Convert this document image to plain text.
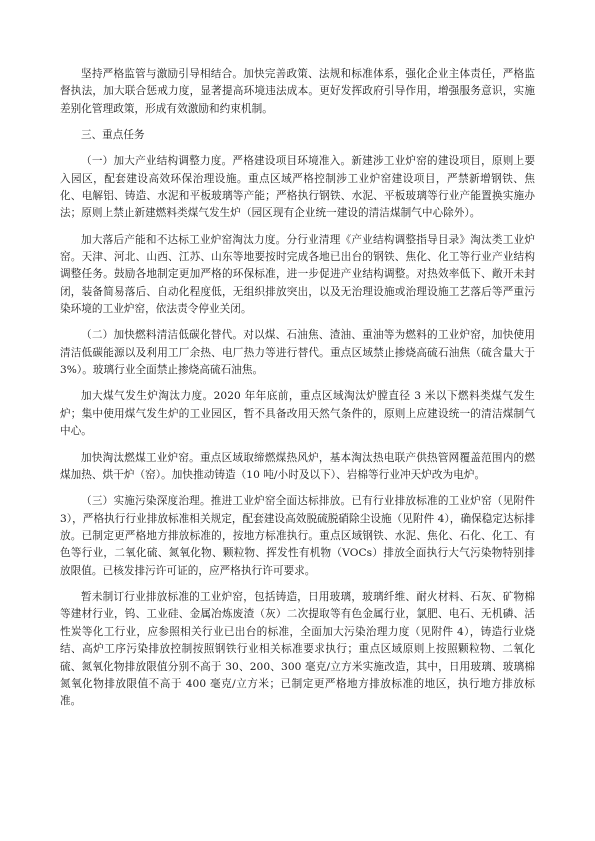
坚持严格监管与激励引导相结合。加快完善政策、法规和标准体系，强化企业主体责任，严格监督执法，加大联合惩戒力度，显著提高环境违法成本。更好发挥政府引导作用，增强服务意识，实施差别化管理政策，形成有效激励和约束机制。

三、重点任务

（一）加大产业结构调整力度。严格建设项目环境准入。新建涉工业炉窑的建设项目，原则上要入园区，配套建设高效环保治理设施。重点区域严格控制涉工业炉窑建设项目，严禁新增钢铁、焦化、电解铝、铸造、水泥和平板玻璃等产能；严格执行钢铁、水泥、平板玻璃等行业产能置换实施办法；原则上禁止新建燃料类煤气发生炉（园区现有企业统一建设的清洁煤制气中心除外）。

加大落后产能和不达标工业炉窑淘汰力度。分行业清理《产业结构调整指导目录》淘汰类工业炉窑。天津、河北、山西、江苏、山东等地要按时完成各地已出台的钢铁、焦化、化工等行业产业结构调整任务。鼓励各地制定更加严格的环保标准，进一步促进产业结构调整。对热效率低下、敞开未封闭，装备简易落后、自动化程度低，无组织排放突出，以及无治理设施或治理设施工艺落后等严重污染环境的工业炉窑，依法责令停业关闭。

（二）加快燃料清洁低碳化替代。对以煤、石油焦、渣油、重油等为燃料的工业炉窑，加快使用清洁低碳能源以及利用工厂余热、电厂热力等进行替代。重点区域禁止掺烧高硫石油焦（硫含量大于 3%）。玻璃行业全面禁止掺烧高硫石油焦。

加大煤气发生炉淘汰力度。2020 年年底前，重点区域淘汰炉膛直径 3 米以下燃料类煤气发生炉；集中使用煤气发生炉的工业园区，暂不具备改用天然气条件的，原则上应建设统一的清洁煤制气中心。

加快淘汰燃煤工业炉窑。重点区域取缔燃煤热风炉，基本淘汰热电联产供热管网覆盖范围内的燃煤加热、烘干炉（窑）。加快推动铸造（10 吨/小时及以下）、岩棉等行业冲天炉改为电炉。

（三）实施污染深度治理。推进工业炉窑全面达标排放。已有行业排放标准的工业炉窑（见附件 3），严格执行行业排放标准相关规定，配套建设高效脱硫脱硝除尘设施（见附件 4），确保稳定达标排放。已制定更严格地方排放标准的，按地方标准执行。重点区域钢铁、水泥、焦化、石化、化工、有色等行业，二氧化硫、氮氧化物、颗粒物、挥发性有机物（VOCs）排放全面执行大气污染物特别排放限值。已核发排污许可证的，应严格执行许可要求。

暂未制订行业排放标准的工业炉窑，包括铸造，日用玻璃，玻璃纤维、耐火材料、石灰、矿物棉等建材行业，钨、工业硅、金属冶炼废渣（灰）二次提取等有色金属行业，氯肥、电石、无机磷、活性炭等化工行业，应参照相关行业已出台的标准，全面加大污染治理力度（见附件 4），铸造行业烧结、高炉工序污染排放控制按照钢铁行业相关标准要求执行；重点区域原则上按照颗粒物、二氧化硫、氮氧化物排放限值分别不高于 30、200、300 毫克/立方米实施改造，其中，日用玻璃、玻璃棉氮氧化物排放限值不高于 400 毫克/立方米；已制定更严格地方排放标准的地区，执行地方排放标准。
